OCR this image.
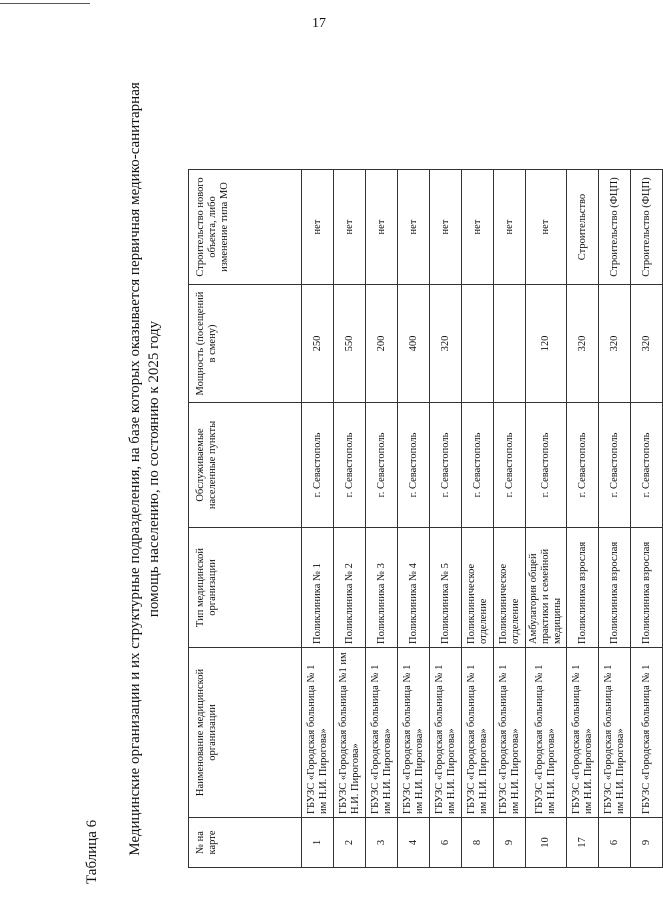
17
Таблица 6 Медицинские организации и их структурные подразделения, на базе которых оказывается первичная медико-санитарная помощь населению, по состоянию к 2025 году
№ на карте	Наименование медицинской организации	Тип медицинской организации	Обслуживаемые населенные пункты	Мощность (посещений в смену)	Строительство нового объекта, либо изменение типа МО
1	ГБУЗС «Городская больница № 1 им Н.И. Пирогова»	Поликлиника № 1	г. Севастополь	250	нет
2	ГБУЗС «Городская больница №1 им Н.И. Пирогова»	Поликлиника № 2	г. Севастополь	550	нет
3	ГБУЗС «Городская больница № 1 им Н.И. Пирогова»	Поликлиника № 3	г. Севастополь	200	нет
4	ГБУЗС «Городская больница № 1 им Н.И. Пирогова»	Поликлиника № 4	г. Севастополь	400	нет
6	ГБУЗС «Городская больница № 1 им Н.И. Пирогова»	Поликлиника № 5	г. Севастополь	320	нет
8	ГБУЗС «Городская больница № 1 им Н.И. Пирогова»	Поликлиническое отделение	г. Севастополь		нет
9	ГБУЗС «Городская больница № 1 им Н.И. Пирогова»	Поликлиническое отделение	г. Севастополь		нет
10	ГБУЗС «Городская больница № 1 им Н.И. Пирогова»	Амбулатория общей практики и семейной медицины	г. Севастополь	120	нет
17	ГБУЗС «Городская больница № 1 им Н.И. Пирогова»	Поликлиника взрослая	г. Севастополь	320	Строительство
6	ГБУЗС «Городская больница № 1 им Н.И. Пирогова»	Поликлиника взрослая	г. Севастополь	320	Строительство (ФЦП)
9	ГБУЗС «Городская больница № 1	Поликлиника взрослая	г. Севастополь	320	Строительство (ФЦП)
